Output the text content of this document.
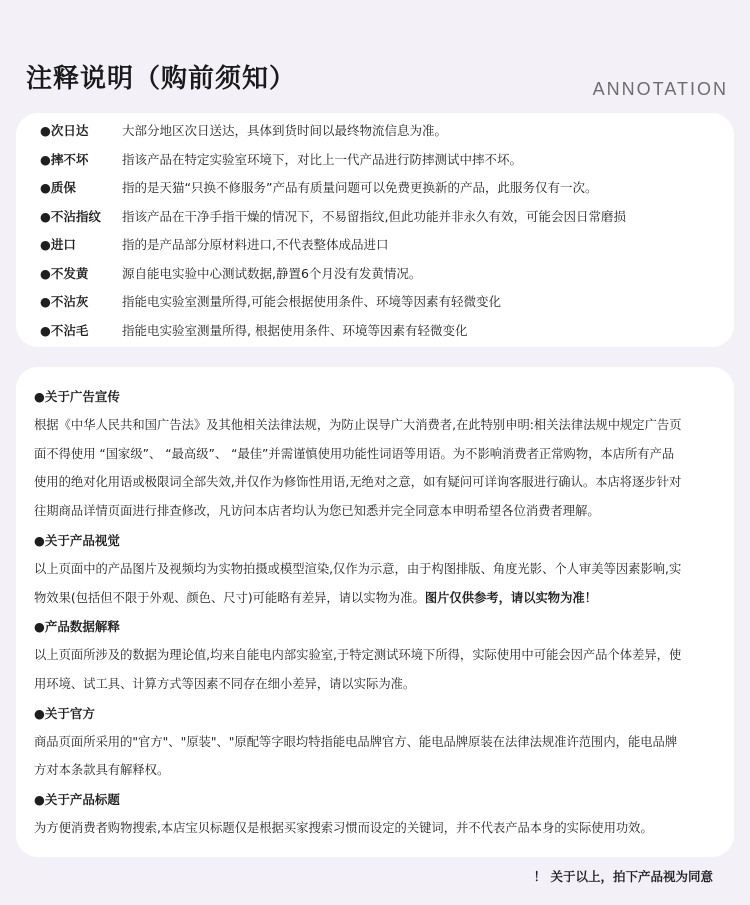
注释说明（购前须知）	ANNOTATION
●次日达	大部分地区次日送达，具体到货时间以最终物流信息为准。
●摔不坏	指该产品在特定实验室环境下，对比上一代产品进行防摔测试中摔不坏。
●质保	指的是天猫“只换不修服务”产品有质量问题可以免费更换新的产品，此服务仅有一次。
●不沾指纹	指该产品在干净手指干燥的情况下，不易留指纹,但此功能并非永久有效，可能会因日常磨损
●进口	指的是产品部分原材料进口,不代表整体成品进口
●不发黄	源自能电实验中心测试数据,静置6个月没有发黄情况。
●不沾灰	指能电实验室测量所得,可能会根据使用条件、环境等因素有轻微变化
●不沾毛	指能电实验室测量所得, 根据使用条件、环境等因素有轻微变化
●关于广告宣传
根据《中华人民共和国广告法》及其他相关法律法规，为防止误导广大消费者,在此特别申明:相关法律法规中规定广告页
面不得使用 “国家级”、 “最高级”、 “最佳”并需谨慎使用功能性词语等用语。为不影响消费者正常购物，本店所有产品
使用的绝对化用语或极限词全部失效,并仅作为修饰性用语,无绝对之意，如有疑问可详询客服进行确认。本店将逐步针对
往期商品详情页面进行排查修改，凡访问本店者均认为您已知悉并完全同意本申明希望各位消费者理解。
●关于产品视觉
以上页面中的产品图片及视频均为实物拍摄或模型渲染,仅作为示意，由于构图排版、角度光影、个人审美等因素影响,实
物效果(包括但不限于外观、颜色、尺寸)可能略有差异，请以实物为准。图片仅供参考，请以实物为准！
●产品数据解释
以上页面所涉及的数据为理论值,均来自能电内部实验室,于特定测试环境下所得，实际使用中可能会因产品个体差异，使
用环境、试工具、计算方式等因素不同存在细小差异，请以实际为准。
●关于官方
商品页面所采用的"官方"、"原装"、"原配等字眼均特指能电品牌官方、能电品牌原装在法律法规准许范围内，能电品牌
方对本条款具有解释权。
●关于产品标题
为方便消费者购物搜索,本店宝贝标题仅是根据买家搜索习惯而设定的关键词，并不代表产品本身的实际使用功效。
！ 关于以上，拍下产品视为同意
